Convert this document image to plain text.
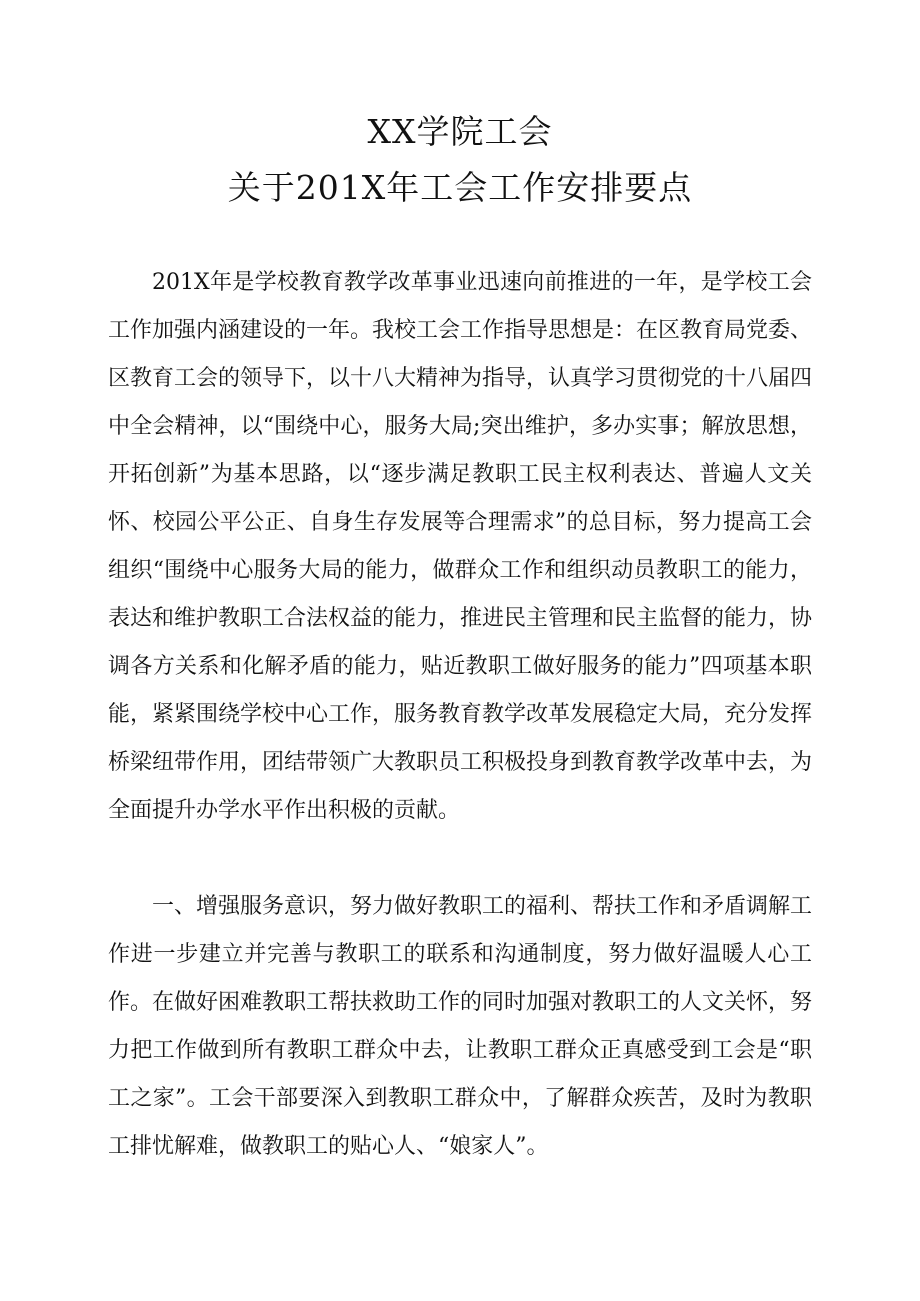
XX学院工会
关于201X年工会工作安排要点

201X年是学校教育教学改革事业迅速向前推进的一年，是学校工会工作加强内涵建设的一年。我校工会工作指导思想是：在区教育局党委、区教育工会的领导下，以十八大精神为指导，认真学习贯彻党的十八届四中全会精神，以“围绕中心，服务大局;突出维护，多办实事；解放思想，开拓创新”为基本思路，以“逐步满足教职工民主权利表达、普遍人文关怀、校园公平公正、自身生存发展等合理需求”的总目标，努力提高工会组织“围绕中心服务大局的能力，做群众工作和组织动员教职工的能力，表达和维护教职工合法权益的能力，推进民主管理和民主监督的能力，协调各方关系和化解矛盾的能力，贴近教职工做好服务的能力”四项基本职能，紧紧围绕学校中心工作，服务教育教学改革发展稳定大局，充分发挥桥梁纽带作用，团结带领广大教职员工积极投身到教育教学改革中去，为全面提升办学水平作出积极的贡献。

一、增强服务意识，努力做好教职工的福利、帮扶工作和矛盾调解工作进一步建立并完善与教职工的联系和沟通制度，努力做好温暖人心工作。在做好困难教职工帮扶救助工作的同时加强对教职工的人文关怀，努力把工作做到所有教职工群众中去，让教职工群众正真感受到工会是“职工之家”。工会干部要深入到教职工群众中，了解群众疾苦，及时为教职工排忧解难，做教职工的贴心人、“娘家人”。
